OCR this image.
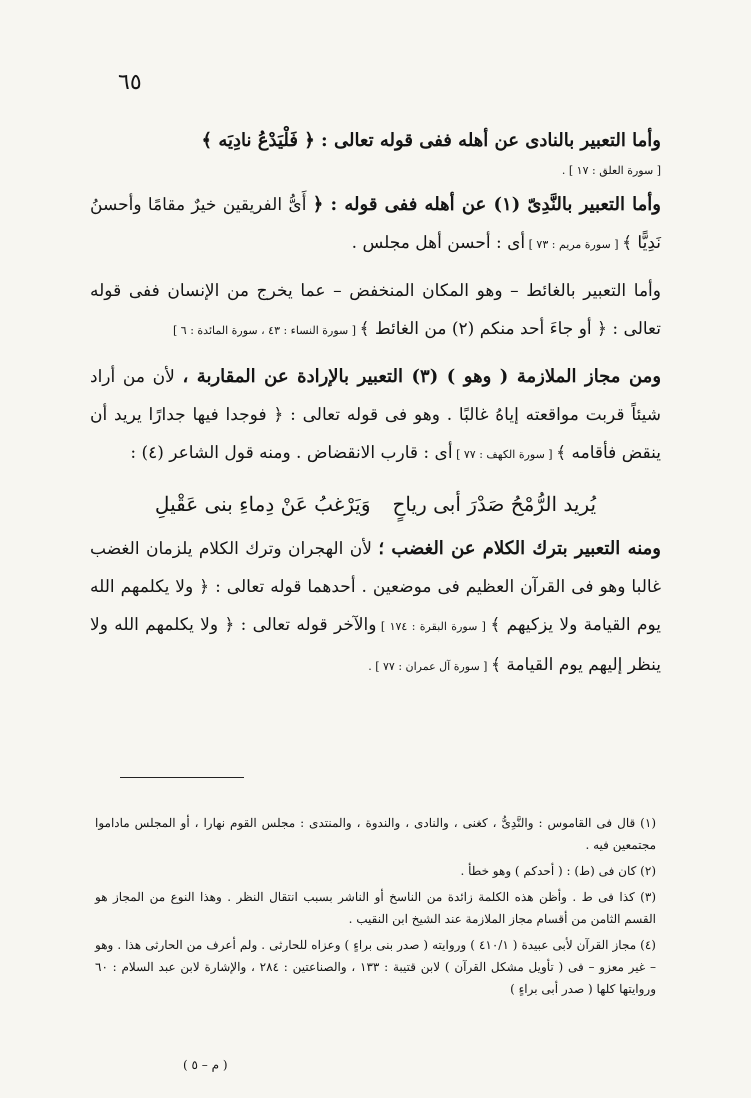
٦٥

وأما التعبير بالنادى عن أهله ففى قوله تعالى : ﴿ فَلْيَدْعُ نادِيَه ﴾

[ سورة العلق : ١٧ ] .

وأما التعبير بالنَّدِىّ (١) عن أهله ففى قوله : ﴿ أَىُّ الفريقين خيرٌ مقامًا وأحسنُ نَدِيًّا ﴾ [ سورة مريم : ٧٣ ] أى : أحسن أهل مجلس .

وأما التعبير بالغائط – وهو المكان المنخفض – عما يخرج من الإنسان ففى قوله تعالى : ﴿ أو جاءَ أحد منكم (٢) من الغائط ﴾ [ سورة النساء : ٤٣ ، سورة المائدة : ٦ ]

ومن مجاز الملازمة ( وهو ) (٣) التعبير بالإرادة عن المقاربة ، لأن من أراد شيئاً قربت مواقعته إياهُ غالبًا . وهو فى قوله تعالى : ﴿ فوجدا فيها جدارًا يريد أن ينقض فأقامه ﴾ [ سورة الكهف : ٧٧ ] أى : قارب الانقضاض . ومنه قول الشاعر (٤) :

يُريد الرُّمْحُ صَدْرَ أبى رياحٍ
وَيَرْغبُ عَنْ دِماءِ بنى عَقْيلِ

ومنه التعبير بترك الكلام عن الغضب ؛ لأن الهجران وترك الكلام يلزمان الغضب غالبا وهو فى القرآن العظيم فى موضعين . أحدهما قوله تعالى : ﴿ ولا يكلمهم الله يوم القيامة ولا يزكيهم ﴾ [ سورة البقرة : ١٧٤ ] والآخر قوله تعالى : ﴿ ولا يكلمهم الله ولا ينظر إليهم يوم القيامة ﴾ [ سورة آل عمران : ٧٧ ] .

(١) قال فى القاموس : والنَّدِىُّ ، كغنى ، والنادى ، والندوة ، والمنتدى : مجلس القوم نهارا ، أو المجلس ماداموا مجتمعين فيه .

(٢) كان فى (ط) : ( أحدكم ) وهو خطأ .

(٣) كذا فى ط . وأظن هذه الكلمة زائدة من الناسخ أو الناشر بسبب انتقال النظر . وهذا النوع من المجاز هو القسم الثامن من أقسام مجاز الملازمة عند الشيخ ابن النقيب .

(٤) مجاز القرآن لأبى عبيدة ( ٤١٠/١ ) وروايته ( صدر بنى براءٍ ) وعزاه للحارثى . ولم أعرف من الحارثى هذا . وهو – غير معزو – فى ( تأويل مشكل القرآن ) لابن قتيبة : ١٣٣ ، والصناعتين : ٢٨٤ ، والإشارة لابن عبد السلام : ٦٠ وروايتها كلها ( صدر أبى براءٍ )

( م – ٥ )
